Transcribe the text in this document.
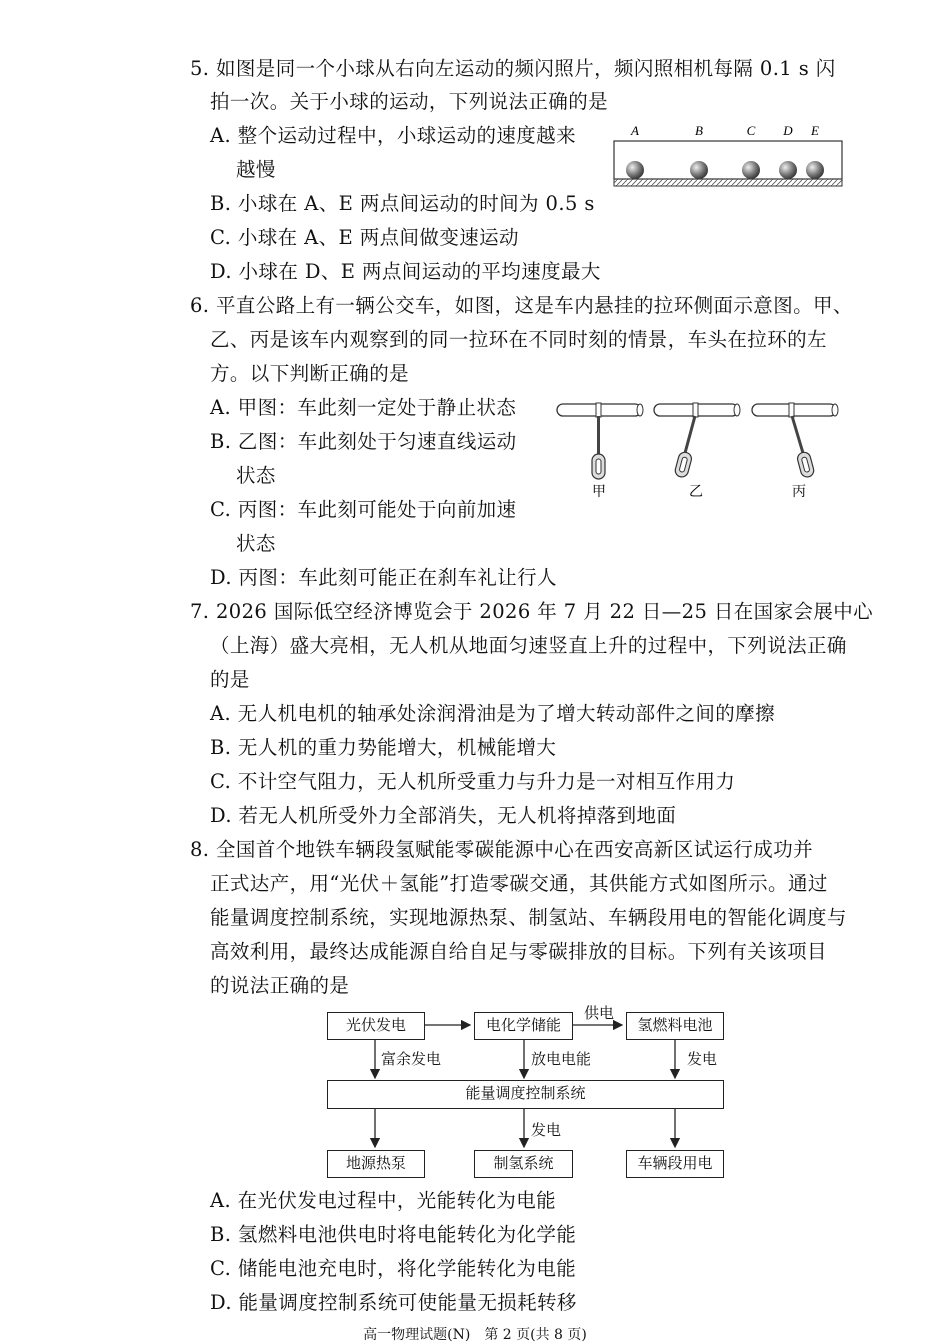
5. 如图是同一个小球从右向左运动的频闪照片，频闪照相机每隔 0.1 s 闪
拍一次。关于小球的运动，下列说法正确的是
A. 整个运动过程中，小球运动的速度越来
越慢
B. 小球在 A、E 两点间运动的时间为 0.5 s
C. 小球在 A、E 两点间做变速运动
D. 小球在 D、E 两点间运动的平均速度最大
A	B	C D E
6. 平直公路上有一辆公交车，如图，这是车内悬挂的拉环侧面示意图。甲、
乙、丙是该车内观察到的同一拉环在不同时刻的情景，车头在拉环的左
方。以下判断正确的是
A. 甲图：车此刻一定处于静止状态
B. 乙图：车此刻处于匀速直线运动
状态
C. 丙图：车此刻可能处于向前加速
状态
D. 丙图：车此刻可能正在刹车礼让行人
甲	乙	丙
7. 2026 国际低空经济博览会于 2026 年 7 月 22 日—25 日在国家会展中心
（上海）盛大亮相，无人机从地面匀速竖直上升的过程中，下列说法正确
的是
A. 无人机电机的轴承处涂润滑油是为了增大转动部件之间的摩擦
B. 无人机的重力势能增大，机械能增大
C. 不计空气阻力，无人机所受重力与升力是一对相互作用力
D. 若无人机所受外力全部消失，无人机将掉落到地面
8. 全国首个地铁车辆段氢赋能零碳能源中心在西安高新区试运行成功并
正式达产，用“光伏＋氢能”打造零碳交通，其供能方式如图所示。通过
能量调度控制系统，实现地源热泵、制氢站、车辆段用电的智能化调度与
高效利用，最终达成能源自给自足与零碳排放的目标。下列有关该项目
的说法正确的是
光伏发电	电化学储能	氢燃料电池
供电
富余发电	放电电能	发电
能量调度控制系统
发电
地源热泵	制氢系统	车辆段用电
A. 在光伏发电过程中，光能转化为电能
B. 氢燃料电池供电时将电能转化为化学能
C. 储能电池充电时，将化学能转化为电能
D. 能量调度控制系统可使能量无损耗转移
高一物理试题(N)　第 2 页(共 8 页)
